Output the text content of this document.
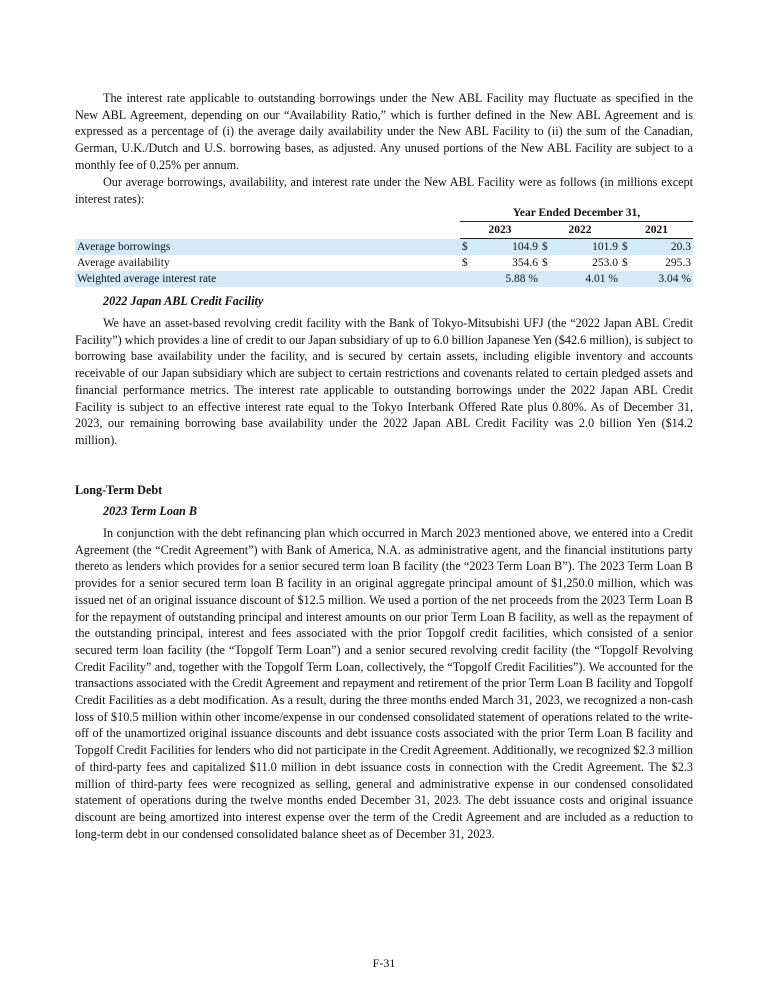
The interest rate applicable to outstanding borrowings under the New ABL Facility may fluctuate as specified in the New ABL Agreement, depending on our “Availability Ratio,” which is further defined in the New ABL Agreement and is expressed as a percentage of (i) the average daily availability under the New ABL Facility to (ii) the sum of the Canadian, German, U.K./Dutch and U.S. borrowing bases, as adjusted. Any unused portions of the New ABL Facility are subject to a monthly fee of 0.25% per annum.

Our average borrowings, availability, and interest rate under the New ABL Facility were as follows (in millions except interest rates):

	Year Ended December 31,					
	2023		2022		2021	
Average borrowings	$	104.9	$	101.9	$	20.3
Average availability	$	354.6	$	253.0	$	295.3
Weighted average interest rate		5.88 %		4.01 %		3.04 %
2022 Japan ABL Credit Facility

We have an asset-based revolving credit facility with the Bank of Tokyo-Mitsubishi UFJ (the “2022 Japan ABL Credit Facility”) which provides a line of credit to our Japan subsidiary of up to 6.0 billion Japanese Yen ($42.6 million), is subject to borrowing base availability under the facility, and is secured by certain assets, including eligible inventory and accounts receivable of our Japan subsidiary which are subject to certain restrictions and covenants related to certain pledged assets and financial performance metrics. The interest rate applicable to outstanding borrowings under the 2022 Japan ABL Credit Facility is subject to an effective interest rate equal to the Tokyo Interbank Offered Rate plus 0.80%. As of December 31, 2023, our remaining borrowing base availability under the 2022 Japan ABL Credit Facility was 2.0 billion Yen ($14.2 million).

Long-Term Debt
2023 Term Loan B

In conjunction with the debt refinancing plan which occurred in March 2023 mentioned above, we entered into a Credit Agreement (the “Credit Agreement”) with Bank of America, N.A. as administrative agent, and the financial institutions party thereto as lenders which provides for a senior secured term loan B facility (the “2023 Term Loan B”). The 2023 Term Loan B provides for a senior secured term loan B facility in an original aggregate principal amount of $1,250.0 million, which was issued net of an original issuance discount of $12.5 million. We used a portion of the net proceeds from the 2023 Term Loan B for the repayment of outstanding principal and interest amounts on our prior Term Loan B facility, as well as the repayment of the outstanding principal, interest and fees associated with the prior Topgolf credit facilities, which consisted of a senior secured term loan facility (the “Topgolf Term Loan”) and a senior secured revolving credit facility (the “Topgolf Revolving Credit Facility” and, together with the Topgolf Term Loan, collectively, the “Topgolf Credit Facilities”). We accounted for the transactions associated with the Credit Agreement and repayment and retirement of the prior Term Loan B facility and Topgolf Credit Facilities as a debt modification. As a result, during the three months ended March 31, 2023, we recognized a non-cash loss of $10.5 million within other income/expense in our condensed consolidated statement of operations related to the write-off of the unamortized original issuance discounts and debt issuance costs associated with the prior Term Loan B facility and Topgolf Credit Facilities for lenders who did not participate in the Credit Agreement. Additionally, we recognized $2.3 million of third-party fees and capitalized $11.0 million in debt issuance costs in connection with the Credit Agreement. The $2.3 million of third-party fees were recognized as selling, general and administrative expense in our condensed consolidated statement of operations during the twelve months ended December 31, 2023. The debt issuance costs and original issuance discount are being amortized into interest expense over the term of the Credit Agreement and are included as a reduction to long-term debt in our condensed consolidated balance sheet as of December 31, 2023.

F-31
